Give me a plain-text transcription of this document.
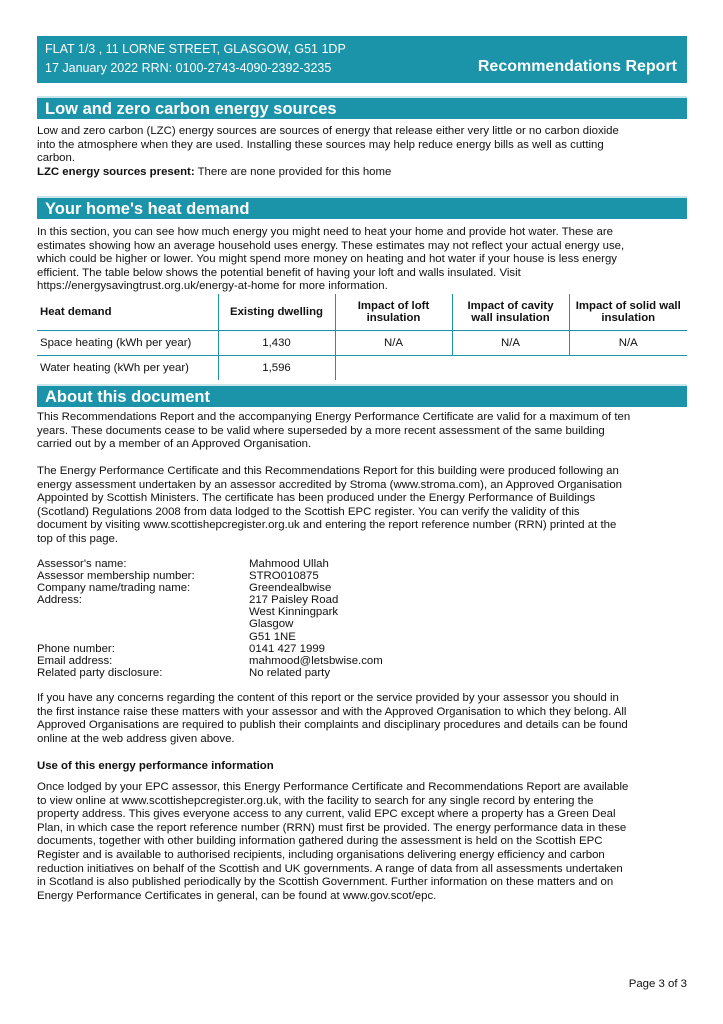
FLAT 1/3 , 11 LORNE STREET, GLASGOW, G51 1DP
17 January 2022 RRN: 0100-2743-4090-2392-3235	Recommendations Report
Low and zero carbon energy sources
Low and zero carbon (LZC) energy sources are sources of energy that release either very little or no carbon dioxide
into the atmosphere when they are used. Installing these sources may help reduce energy bills as well as cutting
carbon.
LZC energy sources present: There are none provided for this home
Your home's heat demand
In this section, you can see how much energy you might need to heat your home and provide hot water. These are
estimates showing how an average household uses energy. These estimates may not reflect your actual energy use,
which could be higher or lower. You might spend more money on heating and hot water if your house is less energy
efficient. The table below shows the potential benefit of having your loft and walls insulated. Visit
https://energysavingtrust.org.uk/energy-at-home for more information.
Heat demand	Existing dwelling	Impact of loft insulation	Impact of cavity wall insulation	Impact of solid wall insulation
Space heating (kWh per year)	1,430	N/A	N/A	N/A
Water heating (kWh per year)	1,596			
About this document
This Recommendations Report and the accompanying Energy Performance Certificate are valid for a maximum of ten
years. These documents cease to be valid where superseded by a more recent assessment of the same building
carried out by a member of an Approved Organisation.
The Energy Performance Certificate and this Recommendations Report for this building were produced following an
energy assessment undertaken by an assessor accredited by Stroma (www.stroma.com), an Approved Organisation
Appointed by Scottish Ministers. The certificate has been produced under the Energy Performance of Buildings
(Scotland) Regulations 2008 from data lodged to the Scottish EPC register. You can verify the validity of this
document by visiting www.scottishepcregister.org.uk and entering the report reference number (RRN) printed at the
top of this page.
Assessor's name:	Mahmood Ullah
Assessor membership number:	STRO010875
Company name/trading name:	Greendealbwise
Address:	217 Paisley Road
West Kinningpark
Glasgow
G51 1NE
Phone number:	0141 427 1999
Email address:	mahmood@letsbwise.com
Related party disclosure:	No related party
If you have any concerns regarding the content of this report or the service provided by your assessor you should in
the first instance raise these matters with your assessor and with the Approved Organisation to which they belong. All
Approved Organisations are required to publish their complaints and disciplinary procedures and details can be found
online at the web address given above.
Use of this energy performance information
Once lodged by your EPC assessor, this Energy Performance Certificate and Recommendations Report are available
to view online at www.scottishepcregister.org.uk, with the facility to search for any single record by entering the
property address. This gives everyone access to any current, valid EPC except where a property has a Green Deal
Plan, in which case the report reference number (RRN) must first be provided. The energy performance data in these
documents, together with other building information gathered during the assessment is held on the Scottish EPC
Register and is available to authorised recipients, including organisations delivering energy efficiency and carbon
reduction initiatives on behalf of the Scottish and UK governments. A range of data from all assessments undertaken
in Scotland is also published periodically by the Scottish Government. Further information on these matters and on
Energy Performance Certificates in general, can be found at www.gov.scot/epc.
Page 3 of 3
